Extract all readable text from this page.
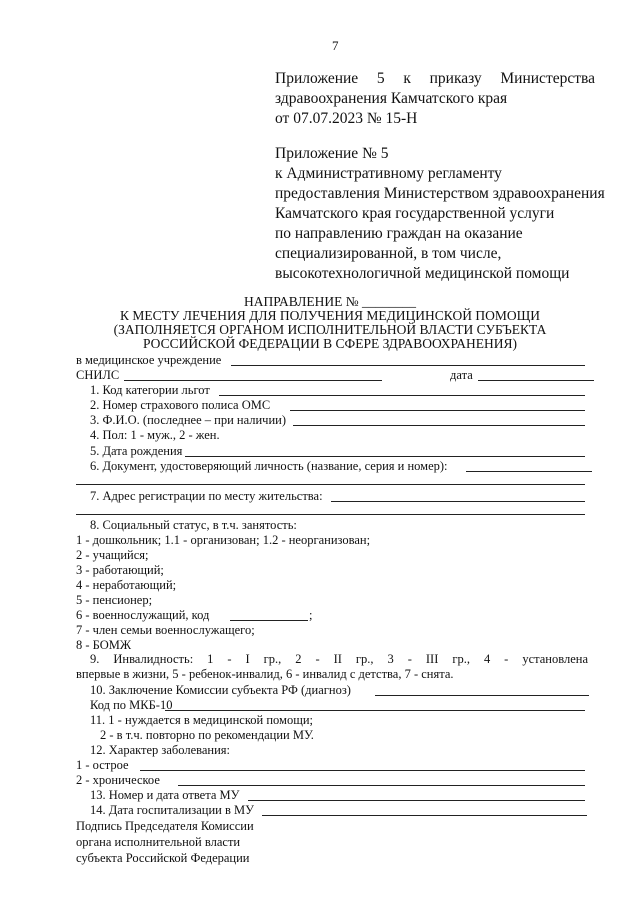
7
Приложение 5 к приказу Министерства
здравоохранения Камчатского края
от 07.07.2023 № 15-Н
Приложение № 5
к Административному регламенту
предоставления Министерством здравоохранения
Камчатского края государственной услуги
по направлению граждан на оказание
специализированной, в том числе,
высокотехнологичной медицинской помощи
НАПРАВЛЕНИЕ № ________
К МЕСТУ ЛЕЧЕНИЯ ДЛЯ ПОЛУЧЕНИЯ МЕДИЦИНСКОЙ ПОМОЩИ
(ЗАПОЛНЯЕТСЯ ОРГАНОМ ИСПОЛНИТЕЛЬНОЙ ВЛАСТИ СУБЪЕКТА
РОССИЙСКОЙ ФЕДЕРАЦИИ В СФЕРЕ ЗДРАВООХРАНЕНИЯ)
в медицинское учреждение
СНИЛС	дата
1. Код категории льгот
2. Номер страхового полиса ОМС
3. Ф.И.О. (последнее – при наличии)
4. Пол: 1 - муж., 2 - жен.
5. Дата рождения
6. Документ, удостоверяющий личность (название, серия и номер):
7. Адрес регистрации по месту жительства:
8. Социальный статус, в т.ч. занятость:
1 - дошкольник; 1.1 - организован; 1.2 - неорганизован;
2 - учащийся;
3 - работающий;
4 - неработающий;
5 - пенсионер;
6 - военнослужащий, код	;
7 - член семьи военнослужащего;
8 - БОМЖ
9. Инвалидность: 1 - I гр., 2 - II гр., 3 - III гр., 4 - установлена
впервые в жизни, 5 - ребенок-инвалид, 6 - инвалид с детства, 7 - снята.
10. Заключение Комиссии субъекта РФ (диагноз)
Код по МКБ-10
11. 1 - нуждается в медицинской помощи;
2 - в т.ч. повторно по рекомендации МУ.
12. Характер заболевания:
1 - острое
2 - хроническое
13. Номер и дата ответа МУ
14. Дата госпитализации в МУ
Подпись Председателя Комиссии
органа исполнительной власти
субъекта Российской Федерации
